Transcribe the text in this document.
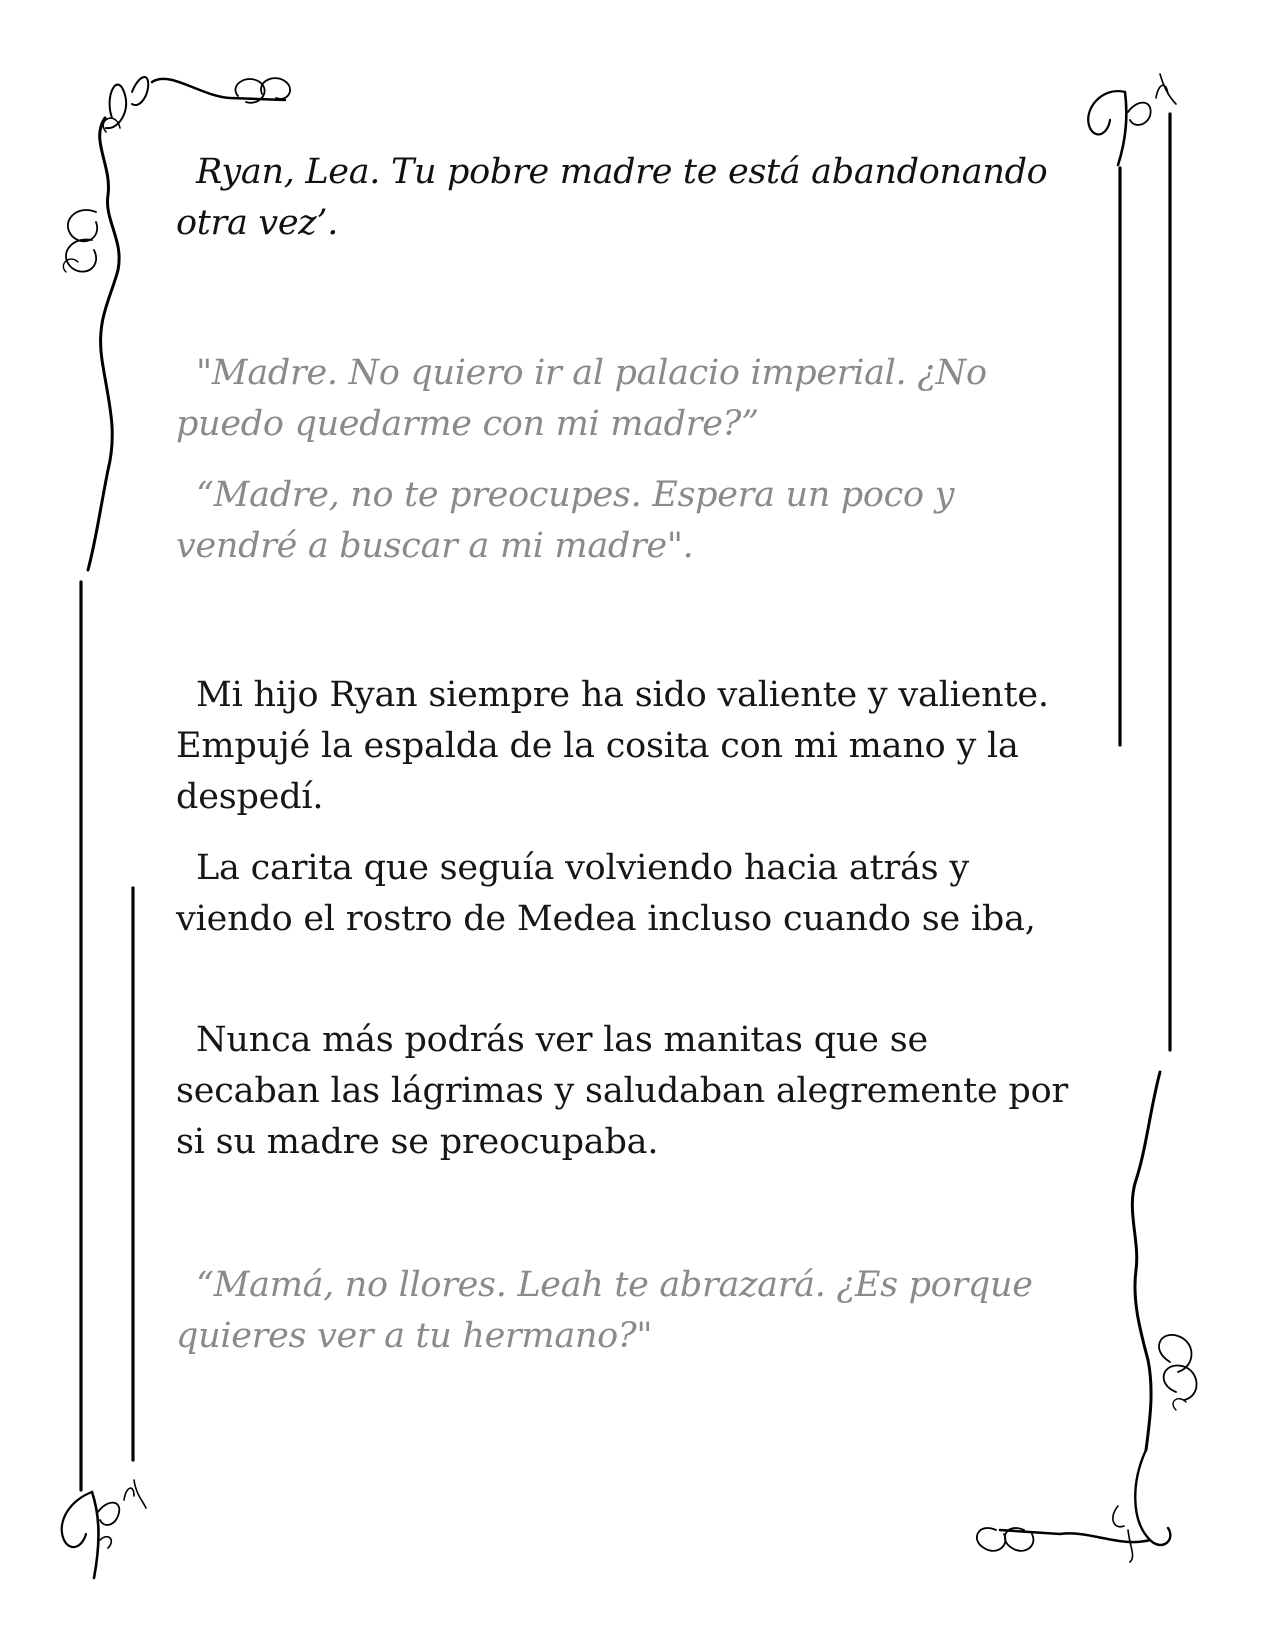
Ryan, Lea. Tu pobre madre te está abandonando otra vez’.

"Madre. No quiero ir al palacio imperial. ¿No puedo quedarme con mi madre?”

“Madre, no te preocupes. Espera un poco y vendré a buscar a mi madre".

Mi hijo Ryan siempre ha sido valiente y valiente. Empujé la espalda de la cosita con mi mano y la despedí.

La carita que seguía volviendo hacia atrás y viendo el rostro de Medea incluso cuando se iba,

Nunca más podrás ver las manitas que se secaban las lágrimas y saludaban alegremente por si su madre se preocupaba.

“Mamá, no llores. Leah te abrazará. ¿Es porque quieres ver a tu hermano?"
